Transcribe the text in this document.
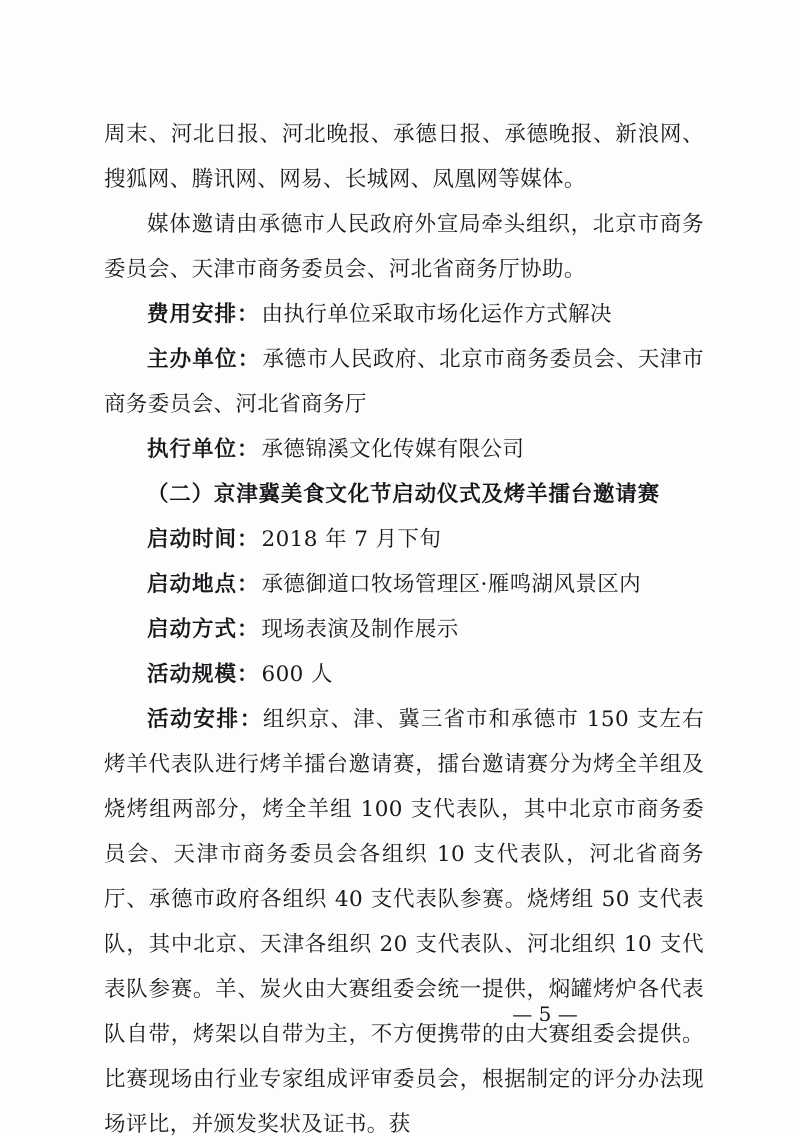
周末、河北日报、河北晚报、承德日报、承德晚报、新浪网、搜狐网、腾讯网、网易、长城网、凤凰网等媒体。

媒体邀请由承德市人民政府外宣局牵头组织，北京市商务委员会、天津市商务委员会、河北省商务厅协助。

费用安排：由执行单位采取市场化运作方式解决

主办单位：承德市人民政府、北京市商务委员会、天津市商务委员会、河北省商务厅

执行单位：承德锦溪文化传媒有限公司

（二）京津冀美食文化节启动仪式及烤羊擂台邀请赛

启动时间：2018 年 7 月下旬

启动地点：承德御道口牧场管理区·雁鸣湖风景区内

启动方式：现场表演及制作展示

活动规模：600 人

活动安排：组织京、津、冀三省市和承德市 150 支左右烤羊代表队进行烤羊擂台邀请赛，擂台邀请赛分为烤全羊组及烧烤组两部分，烤全羊组 100 支代表队，其中北京市商务委员会、天津市商务委员会各组织 10 支代表队，河北省商务厅、承德市政府各组织 40 支代表队参赛。烧烤组 50 支代表队，其中北京、天津各组织 20 支代表队、河北组织 10 支代表队参赛。羊、炭火由大赛组委会统一提供，焖罐烤炉各代表队自带，烤架以自带为主，不方便携带的由大赛组委会提供。比赛现场由行业专家组成评审委员会，根据制定的评分办法现场评比，并颁发奖状及证书。获

— 5 —
